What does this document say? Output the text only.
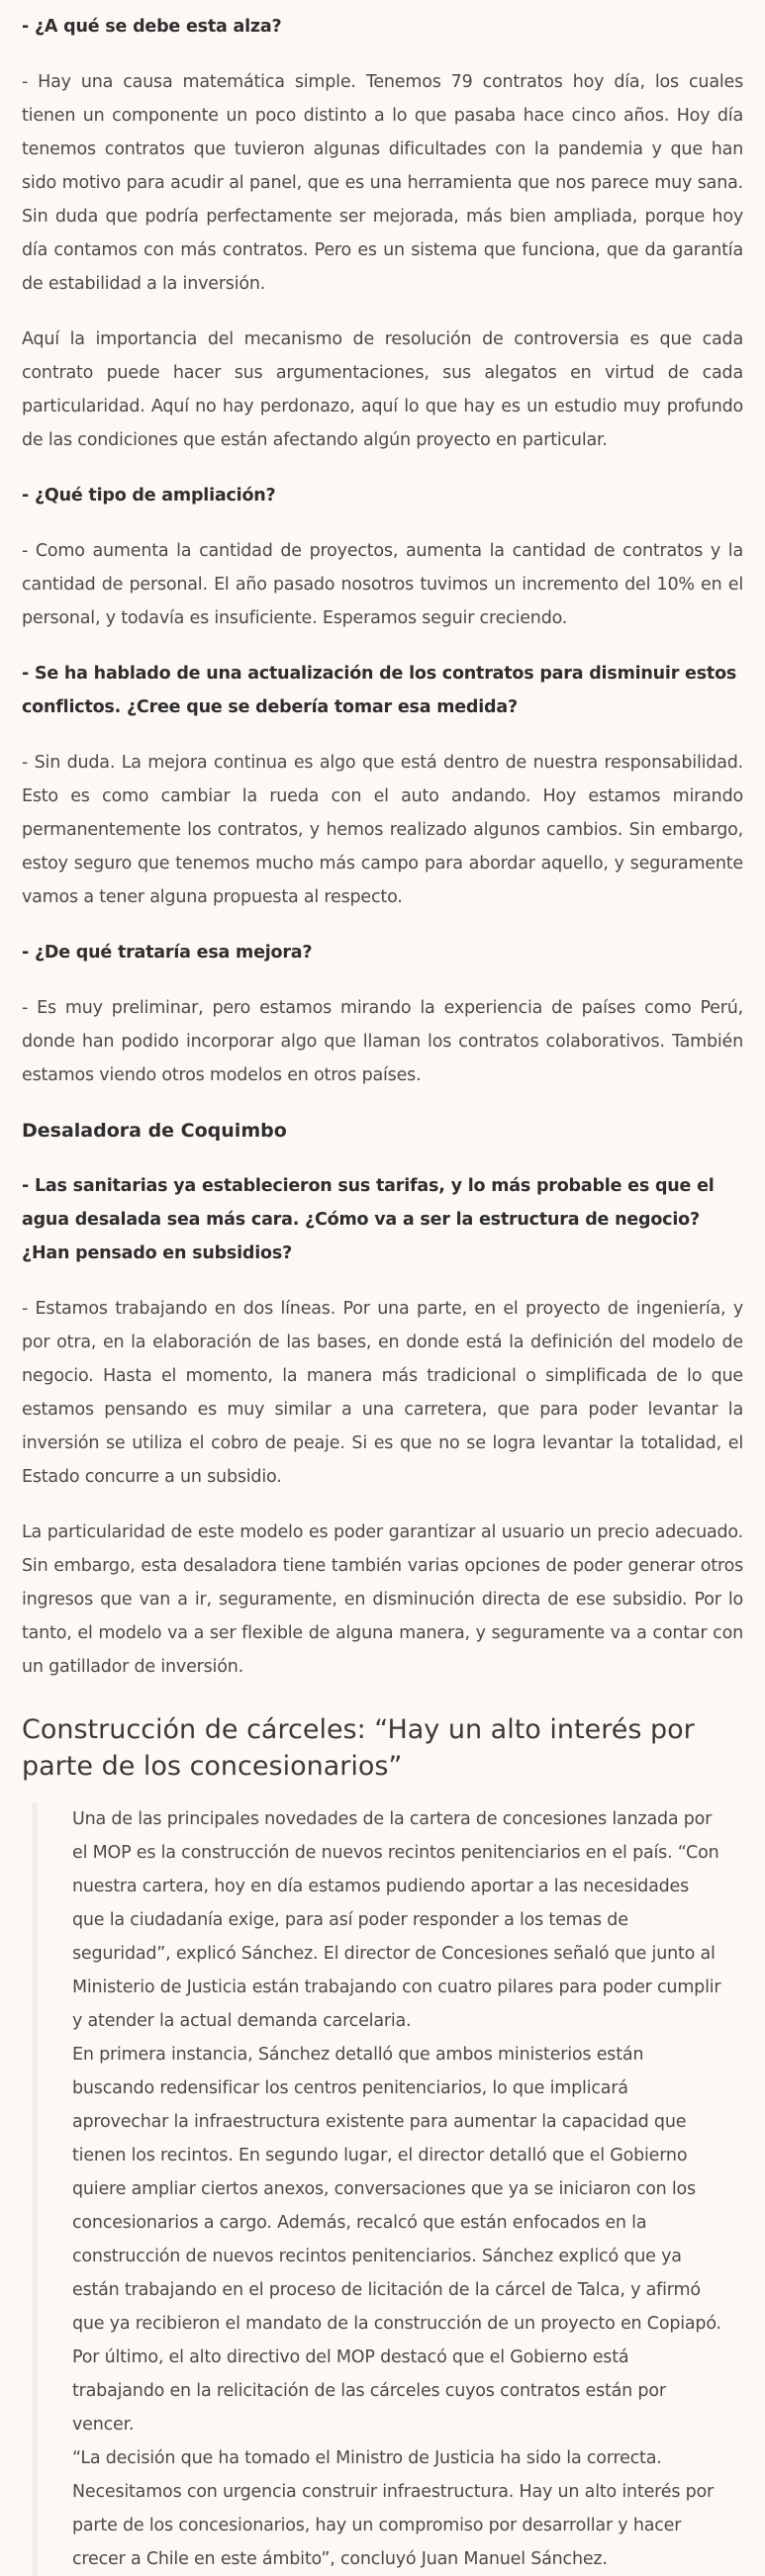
- ¿A qué se debe esta alza?

- Hay una causa matemática simple. Tenemos 79 contratos hoy día, los cuales tienen un componente un poco distinto a lo que pasaba hace cinco años. Hoy día tenemos contratos que tuvieron algunas dificultades con la pandemia y que han sido motivo para acudir al panel, que es una herramienta que nos parece muy sana. Sin duda que podría perfectamente ser mejorada, más bien ampliada, porque hoy día contamos con más contratos. Pero es un sistema que funciona, que da garantía de estabilidad a la inversión.

Aquí la importancia del mecanismo de resolución de controversia es que cada contrato puede hacer sus argumentaciones, sus alegatos en virtud de cada particularidad. Aquí no hay perdonazo, aquí lo que hay es un estudio muy profundo de las condiciones que están afectando algún proyecto en particular.

- ¿Qué tipo de ampliación?

- Como aumenta la cantidad de proyectos, aumenta la cantidad de contratos y la cantidad de personal. El año pasado nosotros tuvimos un incremento del 10% en el personal, y todavía es insuficiente. Esperamos seguir creciendo.

- Se ha hablado de una actualización de los contratos para disminuir estos conflictos. ¿Cree que se debería tomar esa medida?

- Sin duda. La mejora continua es algo que está dentro de nuestra responsabilidad. Esto es como cambiar la rueda con el auto andando. Hoy estamos mirando permanentemente los contratos, y hemos realizado algunos cambios. Sin embargo, estoy seguro que tenemos mucho más campo para abordar aquello, y seguramente vamos a tener alguna propuesta al respecto.

- ¿De qué trataría esa mejora?

- Es muy preliminar, pero estamos mirando la experiencia de países como Perú, donde han podido incorporar algo que llaman los contratos colaborativos. También estamos viendo otros modelos en otros países.

Desaladora de Coquimbo

- Las sanitarias ya establecieron sus tarifas, y lo más probable es que el agua desalada sea más cara. ¿Cómo va a ser la estructura de negocio? ¿Han pensado en subsidios?

- Estamos trabajando en dos líneas. Por una parte, en el proyecto de ingeniería, y por otra, en la elaboración de las bases, en donde está la definición del modelo de negocio. Hasta el momento, la manera más tradicional o simplificada de lo que estamos pensando es muy similar a una carretera, que para poder levantar la inversión se utiliza el cobro de peaje. Si es que no se logra levantar la totalidad, el Estado concurre a un subsidio.

La particularidad de este modelo es poder garantizar al usuario un precio adecuado. Sin embargo, esta desaladora tiene también varias opciones de poder generar otros ingresos que van a ir, seguramente, en disminución directa de ese subsidio. Por lo tanto, el modelo va a ser flexible de alguna manera, y seguramente va a contar con un gatillador de inversión.

Construcción de cárceles: “Hay un alto interés por parte de los concesionarios”

Una de las principales novedades de la cartera de concesiones lanzada por el MOP es la construcción de nuevos recintos penitenciarios en el país. “Con nuestra cartera, hoy en día estamos pudiendo aportar a las necesidades que la ciudadanía exige, para así poder responder a los temas de seguridad”, explicó Sánchez. El director de Concesiones señaló que junto al Ministerio de Justicia están trabajando con cuatro pilares para poder cumplir y atender la actual demanda carcelaria.

En primera instancia, Sánchez detalló que ambos ministerios están buscando redensificar los centros penitenciarios, lo que implicará aprovechar la infraestructura existente para aumentar la capacidad que tienen los recintos. En segundo lugar, el director detalló que el Gobierno quiere ampliar ciertos anexos, conversaciones que ya se iniciaron con los concesionarios a cargo. Además, recalcó que están enfocados en la construcción de nuevos recintos penitenciarios. Sánchez explicó que ya están trabajando en el proceso de licitación de la cárcel de Talca, y afirmó que ya recibieron el mandato de la construcción de un proyecto en Copiapó. Por último, el alto directivo del MOP destacó que el Gobierno está trabajando en la relicitación de las cárceles cuyos contratos están por vencer.

“La decisión que ha tomado el Ministro de Justicia ha sido la correcta. Necesitamos con urgencia construir infraestructura. Hay un alto interés por parte de los concesionarios, hay un compromiso por desarrollar y hacer crecer a Chile en este ámbito”, concluyó Juan Manuel Sánchez.
